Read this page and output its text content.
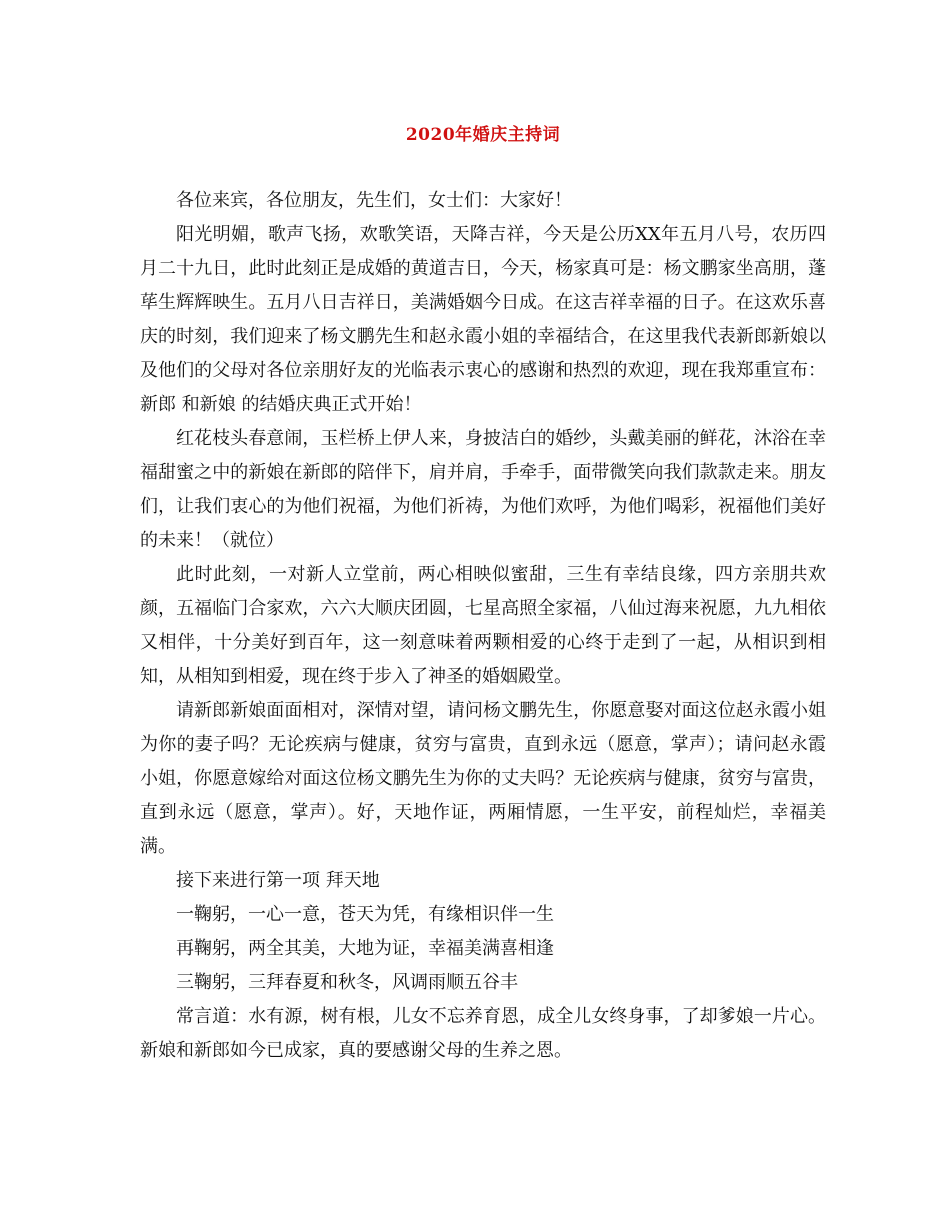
2020年婚庆主持词

各位来宾，各位朋友，先生们，女士们：大家好！

阳光明媚，歌声飞扬，欢歌笑语，天降吉祥，今天是公历XX年五月八号，农历四月二十九日，此时此刻正是成婚的黄道吉日，今天，杨家真可是：杨文鹏家坐高朋，蓬荜生辉辉映生。五月八日吉祥日，美满婚姻今日成。在这吉祥幸福的日子。在这欢乐喜庆的时刻，我们迎来了杨文鹏先生和赵永霞小姐的幸福结合，在这里我代表新郎新娘以及他们的父母对各位亲朋好友的光临表示衷心的感谢和热烈的欢迎，现在我郑重宣布：新郎 和新娘 的结婚庆典正式开始！

红花枝头春意闹，玉栏桥上伊人来，身披洁白的婚纱，头戴美丽的鲜花，沐浴在幸福甜蜜之中的新娘在新郎的陪伴下，肩并肩，手牵手，面带微笑向我们款款走来。朋友们，让我们衷心的为他们祝福，为他们祈祷，为他们欢呼，为他们喝彩，祝福他们美好的未来！（就位）

此时此刻，一对新人立堂前，两心相映似蜜甜，三生有幸结良缘，四方亲朋共欢颜，五福临门合家欢，六六大顺庆团圆，七星高照全家福，八仙过海来祝愿，九九相依又相伴，十分美好到百年，这一刻意味着两颗相爱的心终于走到了一起，从相识到相知，从相知到相爱，现在终于步入了神圣的婚姻殿堂。

请新郎新娘面面相对，深情对望，请问杨文鹏先生，你愿意娶对面这位赵永霞小姐为你的妻子吗？无论疾病与健康，贫穷与富贵，直到永远（愿意，掌声）；请问赵永霞小姐，你愿意嫁给对面这位杨文鹏先生为你的丈夫吗？无论疾病与健康，贫穷与富贵，直到永远（愿意，掌声）。好，天地作证，两厢情愿，一生平安，前程灿烂，幸福美满。

接下来进行第一项 拜天地

一鞠躬，一心一意，苍天为凭，有缘相识伴一生

再鞠躬，两全其美，大地为证，幸福美满喜相逢

三鞠躬，三拜春夏和秋冬，风调雨顺五谷丰

常言道：水有源，树有根，儿女不忘养育恩，成全儿女终身事，了却爹娘一片心。新娘和新郎如今已成家，真的要感谢父母的生养之恩。
